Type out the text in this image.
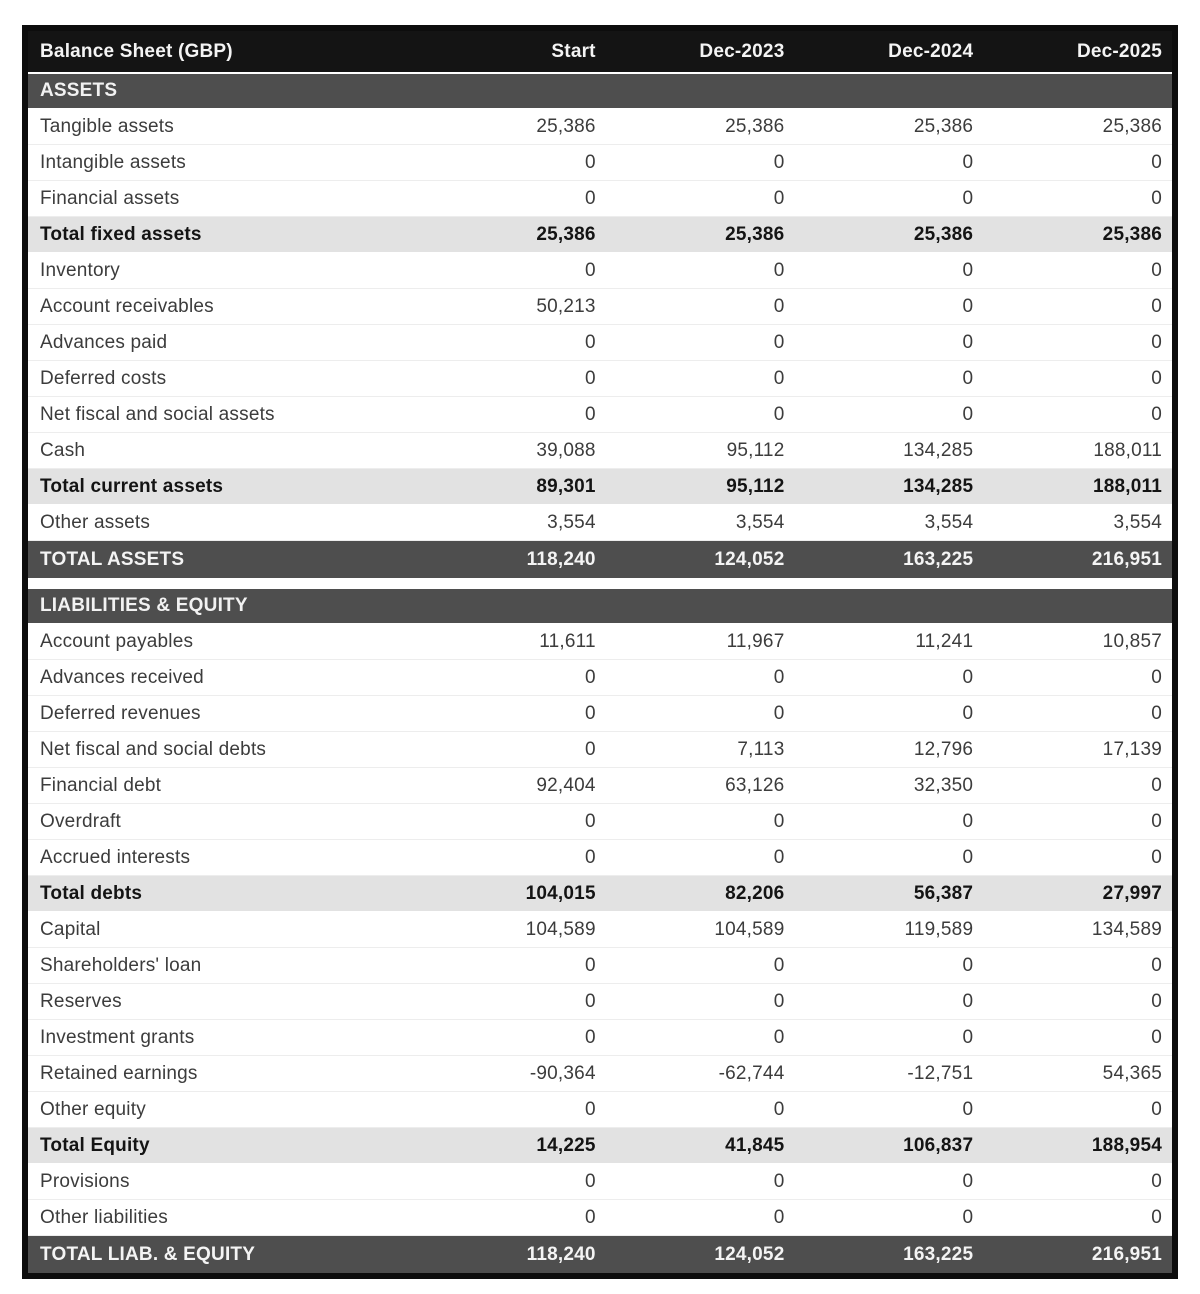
Balance Sheet (GBP)	Start	Dec-2023	Dec-2024	Dec-2025
ASSETS				
Tangible assets	25,386	25,386	25,386	25,386
Intangible assets	0	0	0	0
Financial assets	0	0	0	0
Total fixed assets	25,386	25,386	25,386	25,386
Inventory	0	0	0	0
Account receivables	50,213	0	0	0
Advances paid	0	0	0	0
Deferred costs	0	0	0	0
Net fiscal and social assets	0	0	0	0
Cash	39,088	95,112	134,285	188,011
Total current assets	89,301	95,112	134,285	188,011
Other assets	3,554	3,554	3,554	3,554
TOTAL ASSETS	118,240	124,052	163,225	216,951

LIABILITIES & EQUITY				
Account payables	11,611	11,967	11,241	10,857
Advances received	0	0	0	0
Deferred revenues	0	0	0	0
Net fiscal and social debts	0	7,113	12,796	17,139
Financial debt	92,404	63,126	32,350	0
Overdraft	0	0	0	0
Accrued interests	0	0	0	0
Total debts	104,015	82,206	56,387	27,997
Capital	104,589	104,589	119,589	134,589
Shareholders' loan	0	0	0	0
Reserves	0	0	0	0
Investment grants	0	0	0	0
Retained earnings	-90,364	-62,744	-12,751	54,365
Other equity	0	0	0	0
Total Equity	14,225	41,845	106,837	188,954
Provisions	0	0	0	0
Other liabilities	0	0	0	0
TOTAL LIAB. & EQUITY	118,240	124,052	163,225	216,951
